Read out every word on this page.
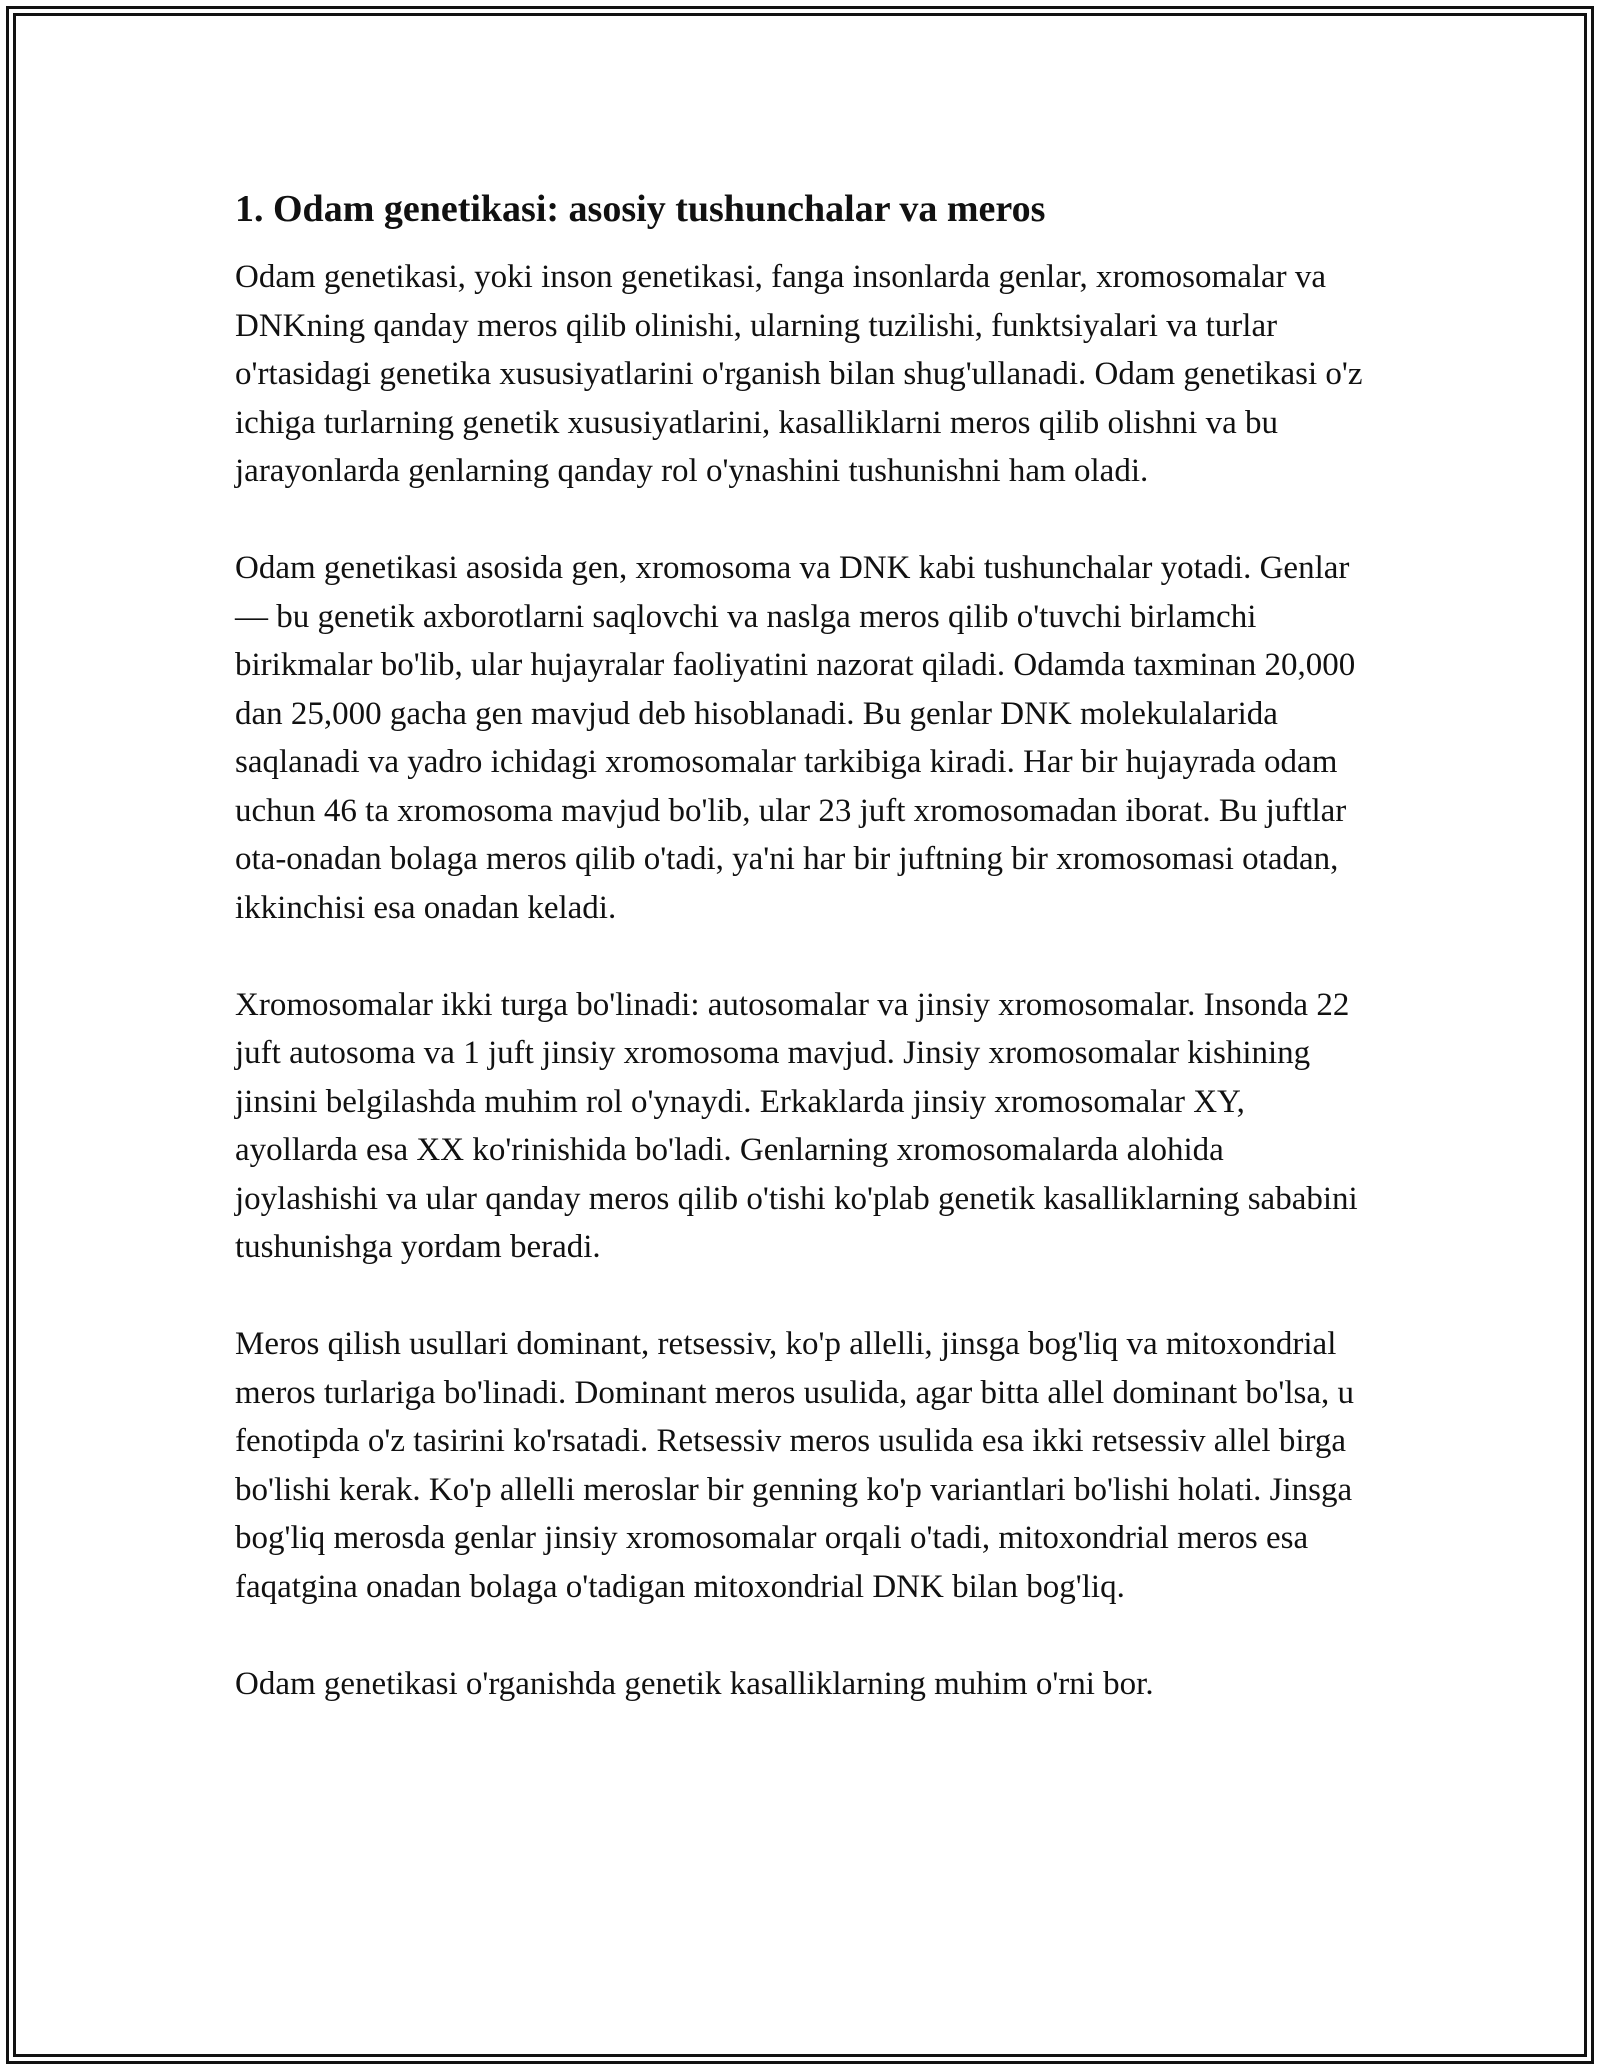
1. Odam genetikasi: asosiy tushunchalar va meros

Odam genetikasi, yoki inson genetikasi, fanga insonlarda genlar, xromosomalar va DNKning qanday meros qilib olinishi, ularning tuzilishi, funktsiyalari va turlar o'rtasidagi genetika xususiyatlarini o'rganish bilan shug'ullanadi. Odam genetikasi o'z ichiga turlarning genetik xususiyatlarini, kasalliklarni meros qilib olishni va bu jarayonlarda genlarning qanday rol o'ynashini tushunishni ham oladi.

Odam genetikasi asosida gen, xromosoma va DNK kabi tushunchalar yotadi. Genlar — bu genetik axborotlarni saqlovchi va naslga meros qilib o'tuvchi birlamchi birikmalar bo'lib, ular hujayralar faoliyatini nazorat qiladi. Odamda taxminan 20,000 dan 25,000 gacha gen mavjud deb hisoblanadi. Bu genlar DNK molekulalarida saqlanadi va yadro ichidagi xromosomalar tarkibiga kiradi. Har bir hujayrada odam uchun 46 ta xromosoma mavjud bo'lib, ular 23 juft xromosomadan iborat. Bu juftlar ota-onadan bolaga meros qilib o'tadi, ya'ni har bir juftning bir xromosomasi otadan, ikkinchisi esa onadan keladi.

Xromosomalar ikki turga bo'linadi: autosomalar va jinsiy xromosomalar. Insonda 22 juft autosoma va 1 juft jinsiy xromosoma mavjud. Jinsiy xromosomalar kishining jinsini belgilashda muhim rol o'ynaydi. Erkaklarda jinsiy xromosomalar XY, ayollarda esa XX ko'rinishida bo'ladi. Genlarning xromosomalarda alohida joylashishi va ular qanday meros qilib o'tishi ko'plab genetik kasalliklarning sababini tushunishga yordam beradi.

Meros qilish usullari dominant, retsessiv, ko'p allelli, jinsga bog'liq va mitoxondrial meros turlariga bo'linadi. Dominant meros usulida, agar bitta allel dominant bo'lsa, u fenotipda o'z tasirini ko'rsatadi. Retsessiv meros usulida esa ikki retsessiv allel birga bo'lishi kerak. Ko'p allelli meroslar bir genning ko'p variantlari bo'lishi holati. Jinsga bog'liq merosda genlar jinsiy xromosomalar orqali o'tadi, mitoxondrial meros esa faqatgina onadan bolaga o'tadigan mitoxondrial DNK bilan bog'liq.

Odam genetikasi o'rganishda genetik kasalliklarning muhim o'rni bor.
